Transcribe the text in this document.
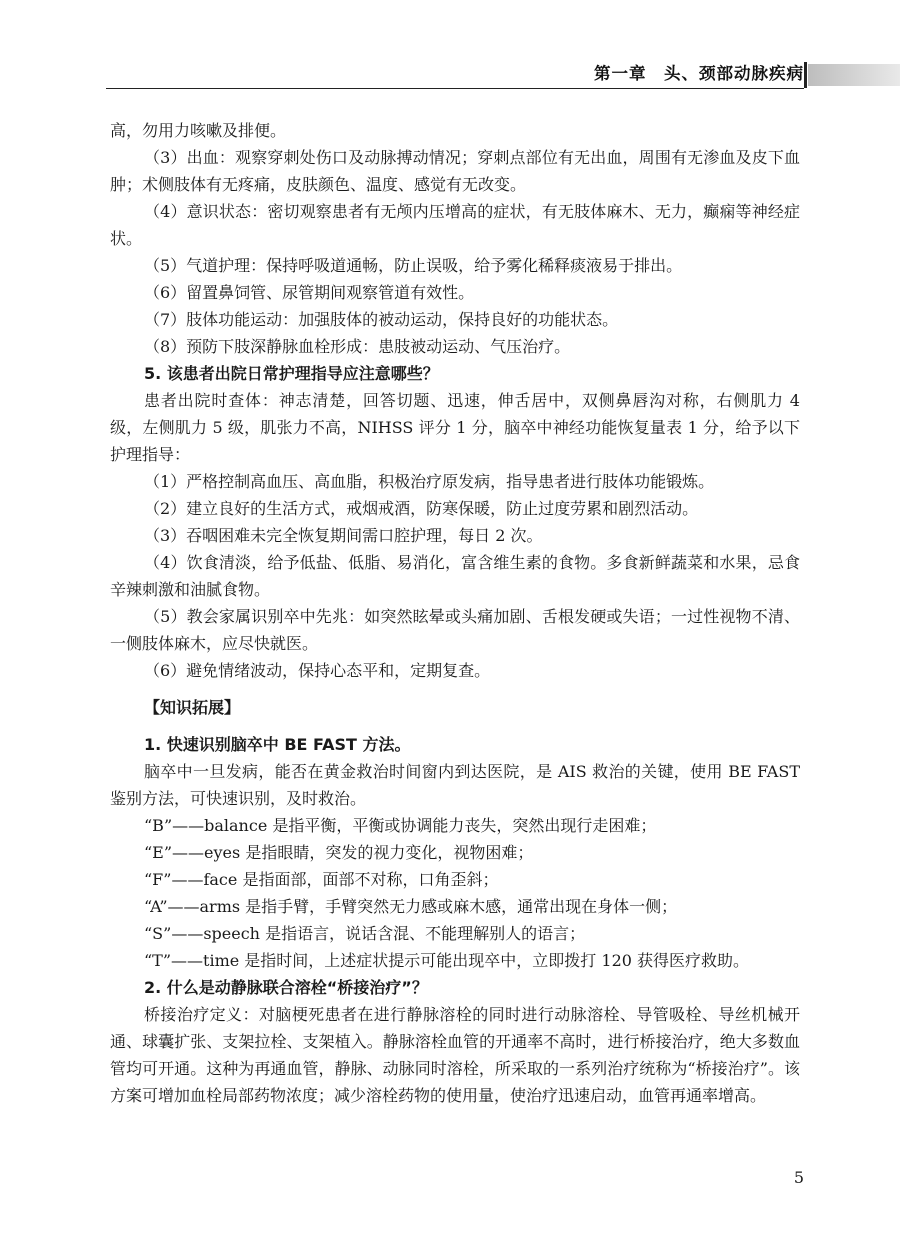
第一章　头、颈部动脉疾病

高，勿用力咳嗽及排便。

（3）出血：观察穿刺处伤口及动脉搏动情况；穿刺点部位有无出血，周围有无渗血及皮下血肿；术侧肢体有无疼痛，皮肤颜色、温度、感觉有无改变。

（4）意识状态：密切观察患者有无颅内压增高的症状，有无肢体麻木、无力，癫痫等神经症状。

（5）气道护理：保持呼吸道通畅，防止误吸，给予雾化稀释痰液易于排出。

（6）留置鼻饲管、尿管期间观察管道有效性。

（7）肢体功能运动：加强肢体的被动运动，保持良好的功能状态。

（8）预防下肢深静脉血栓形成：患肢被动运动、气压治疗。

5. 该患者出院日常护理指导应注意哪些？

患者出院时查体：神志清楚，回答切题、迅速，伸舌居中，双侧鼻唇沟对称，右侧肌力 4 级，左侧肌力 5 级，肌张力不高，NIHSS 评分 1 分，脑卒中神经功能恢复量表 1 分，给予以下护理指导：

（1）严格控制高血压、高血脂，积极治疗原发病，指导患者进行肢体功能锻炼。

（2）建立良好的生活方式，戒烟戒酒，防寒保暖，防止过度劳累和剧烈活动。

（3）吞咽困难未完全恢复期间需口腔护理，每日 2 次。

（4）饮食清淡，给予低盐、低脂、易消化，富含维生素的食物。多食新鲜蔬菜和水果，忌食辛辣刺激和油腻食物。

（5）教会家属识别卒中先兆：如突然眩晕或头痛加剧、舌根发硬或失语；一过性视物不清、一侧肢体麻木，应尽快就医。

（6）避免情绪波动，保持心态平和，定期复查。

【知识拓展】

1. 快速识别脑卒中 BE FAST 方法。

脑卒中一旦发病，能否在黄金救治时间窗内到达医院，是 AIS 救治的关键，使用 BE FAST 鉴别方法，可快速识别，及时救治。

“B”——balance 是指平衡，平衡或协调能力丧失，突然出现行走困难；

“E”——eyes 是指眼睛，突发的视力变化，视物困难；

“F”——face 是指面部，面部不对称，口角歪斜；

“A”——arms 是指手臂，手臂突然无力感或麻木感，通常出现在身体一侧；

“S”——speech 是指语言，说话含混、不能理解别人的语言；

“T”——time 是指时间，上述症状提示可能出现卒中，立即拨打 120 获得医疗救助。

2. 什么是动静脉联合溶栓“桥接治疗”？

桥接治疗定义：对脑梗死患者在进行静脉溶栓的同时进行动脉溶栓、导管吸栓、导丝机械开通、球囊扩张、支架拉栓、支架植入。静脉溶栓血管的开通率不高时，进行桥接治疗，绝大多数血管均可开通。这种为再通血管，静脉、动脉同时溶栓，所采取的一系列治疗统称为“桥接治疗”。该方案可增加血栓局部药物浓度；减少溶栓药物的使用量，使治疗迅速启动，血管再通率增高。

5
